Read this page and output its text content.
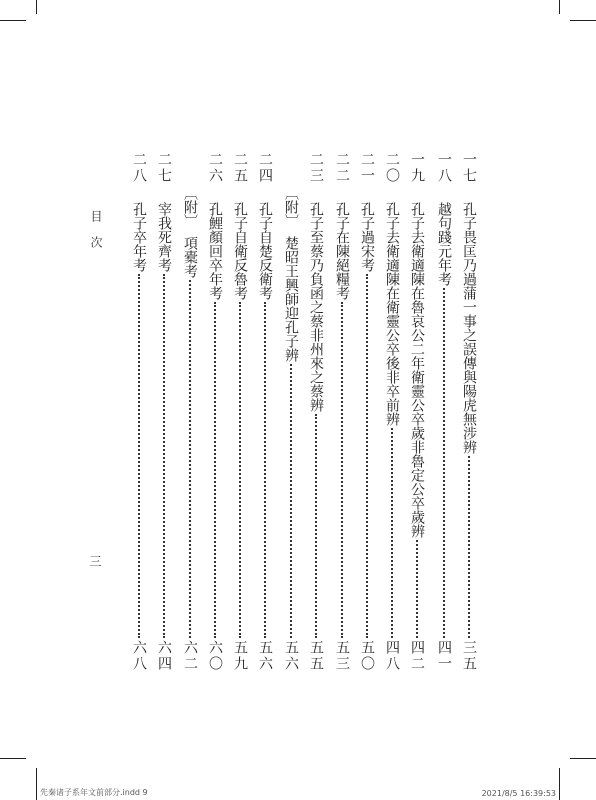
目次
三
一七
孔子畏匡乃過蒲一事之誤傳與陽虎無涉辨
三五
一八
越句踐元年考
四一
一九
孔子去衛適陳在魯哀公二年衛靈公卒歲非魯定公卒歲辨
四二
二〇
孔子去衛適陳在衛靈公卒後非卒前辨
四八
二一
孔子過宋考
五〇
二二
孔子在陳絕糧考
五三
二三
孔子至蔡乃負函之蔡非州來之蔡辨
五五
〔附〕
楚昭王興師迎孔子辨
五六
二四
孔子自楚反衛考
五六
二五
孔子自衛反魯考
五九
二六
孔鯉顏回卒年考
六〇
〔附〕
項橐考
六二
二七
宰我死齊考
六四
二八
孔子卒年考
六八
先秦诸子系年文前部分.indd 9	2021/8/5 16:39:53
